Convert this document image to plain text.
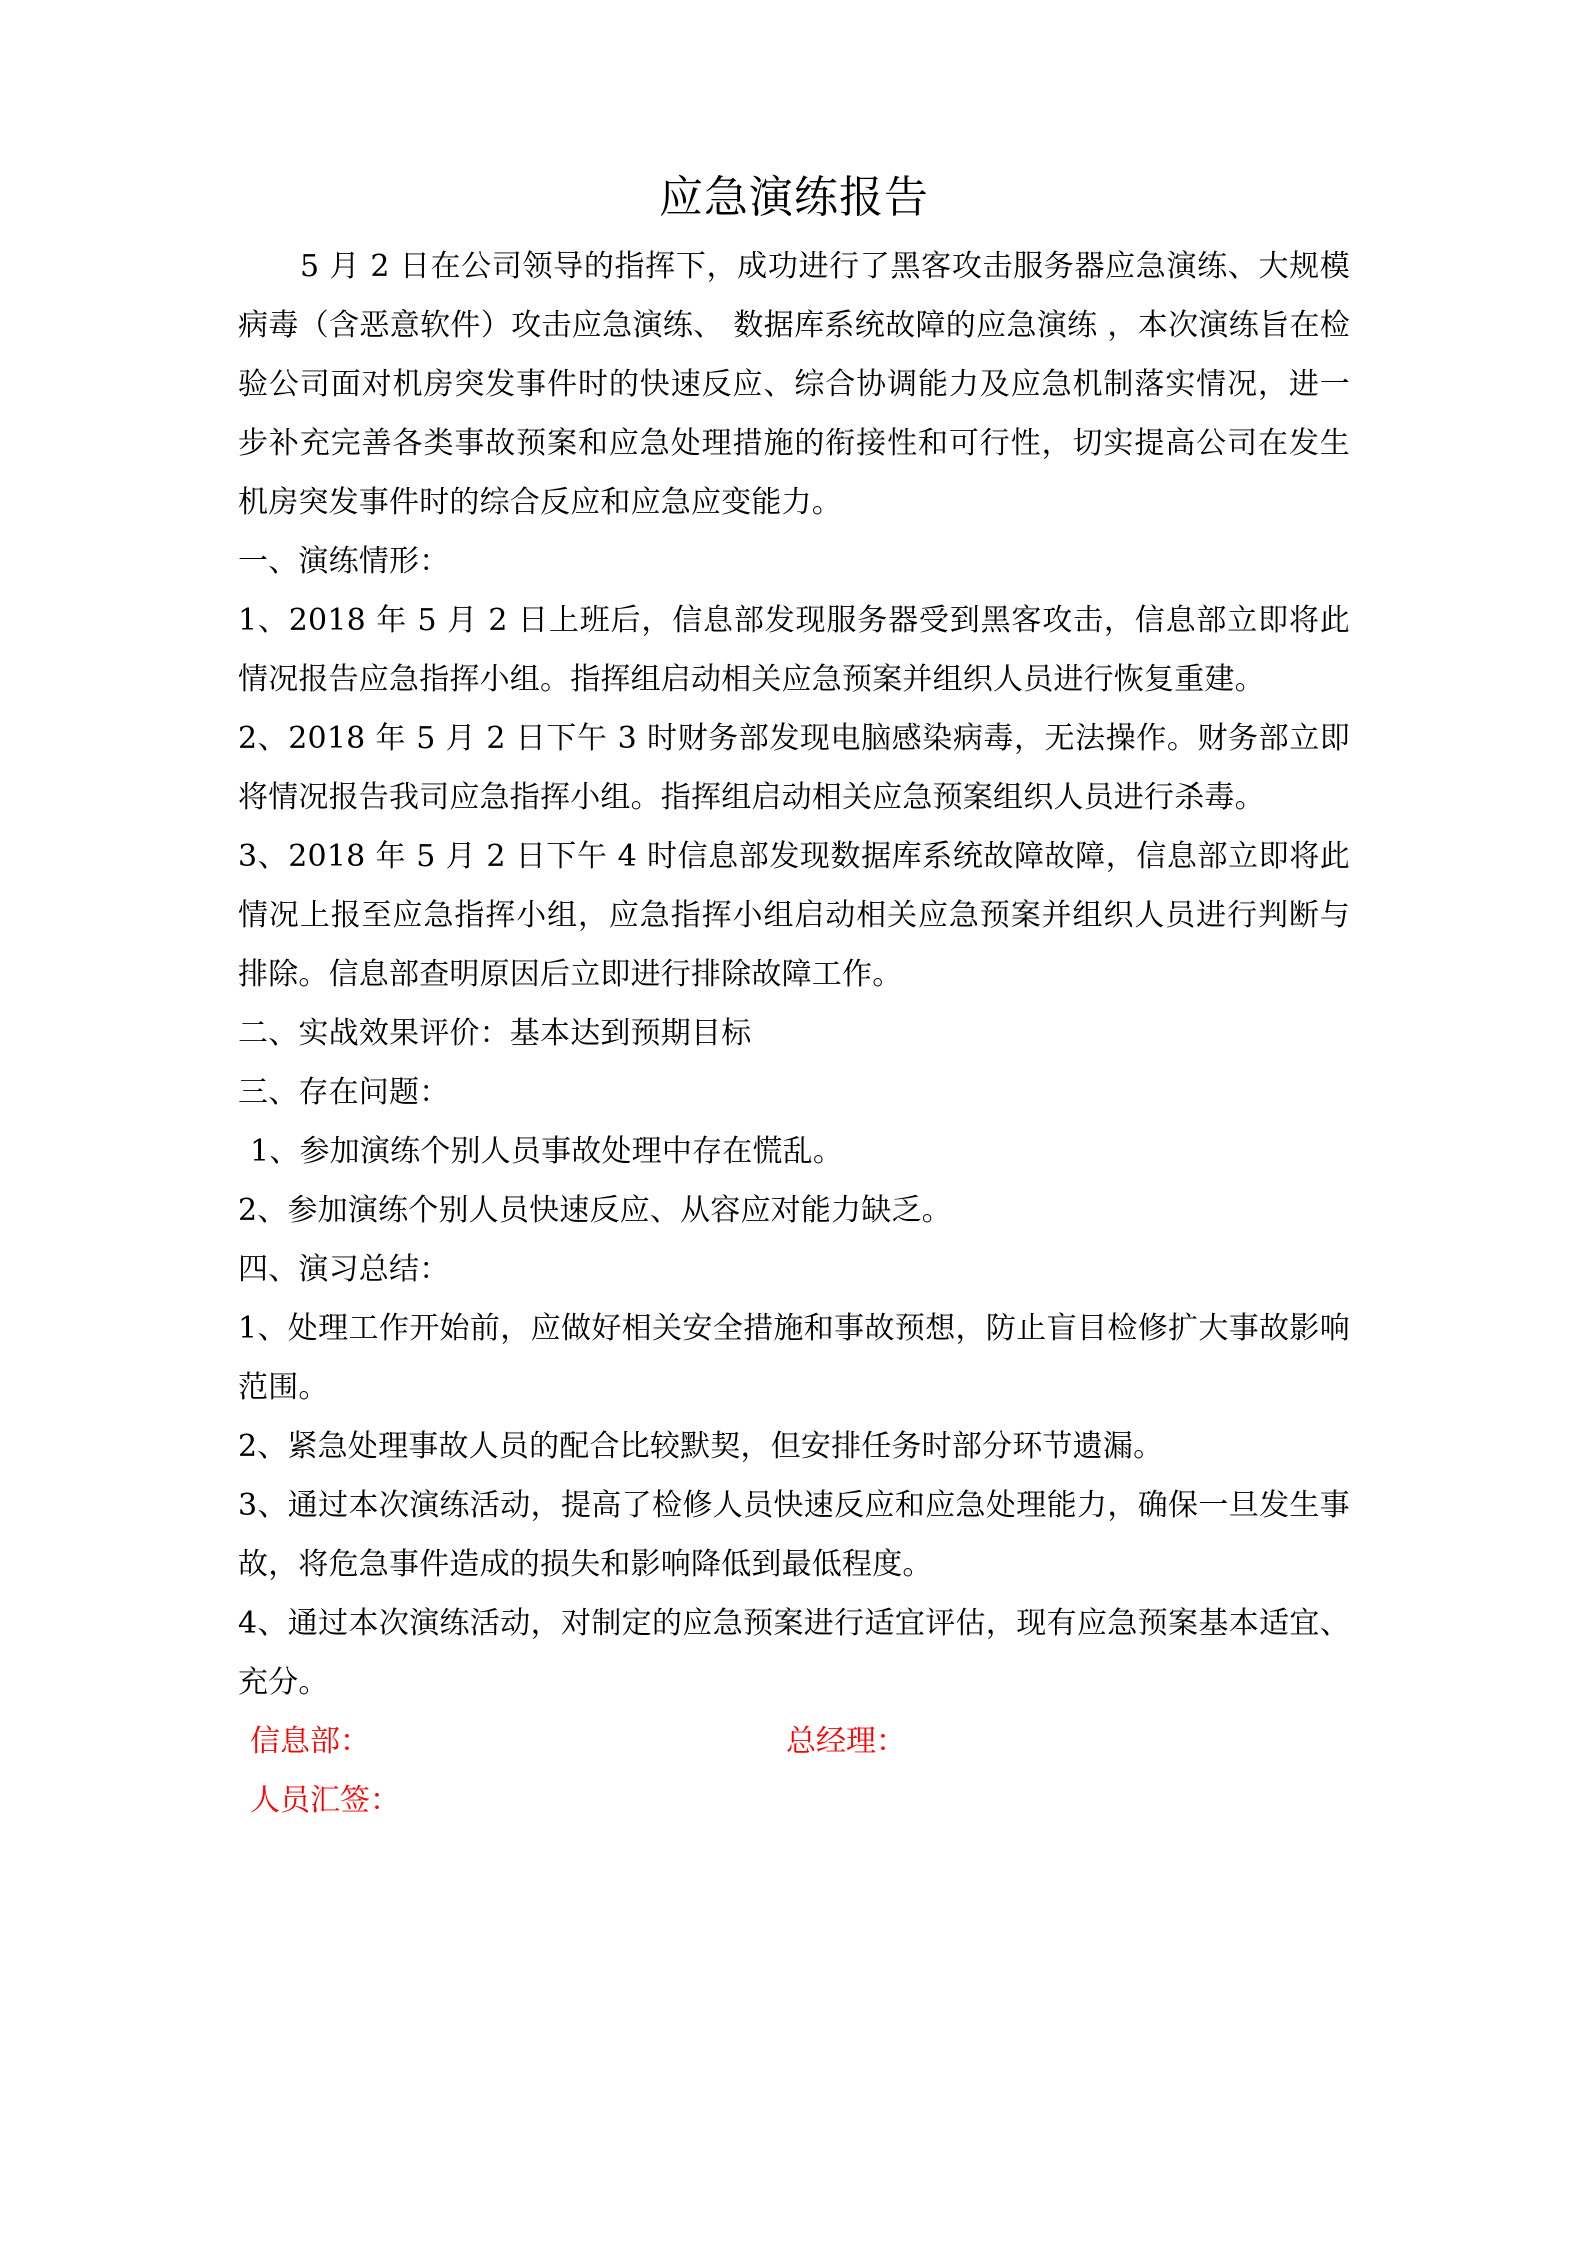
应急演练报告

5 月 2 日在公司领导的指挥下，成功进行了黑客攻击服务器应急演练、大规模病毒（含恶意软件）攻击应急演练、 数据库系统故障的应急演练 ，本次演练旨在检验公司面对机房突发事件时的快速反应、综合协调能力及应急机制落实情况，进一步补充完善各类事故预案和应急处理措施的衔接性和可行性，切实提高公司在发生机房突发事件时的综合反应和应急应变能力。

一、演练情形：

1、2018 年 5 月 2 日上班后，信息部发现服务器受到黑客攻击，信息部立即将此情况报告应急指挥小组。指挥组启动相关应急预案并组织人员进行恢复重建。

2、2018 年 5 月 2 日下午 3 时财务部发现电脑感染病毒，无法操作。财务部立即将情况报告我司应急指挥小组。指挥组启动相关应急预案组织人员进行杀毒。

3、2018 年 5 月 2 日下午 4 时信息部发现数据库系统故障故障，信息部立即将此情况上报至应急指挥小组，应急指挥小组启动相关应急预案并组织人员进行判断与排除。信息部查明原因后立即进行排除故障工作。

二、实战效果评价：基本达到预期目标

三、存在问题：

1、参加演练个别人员事故处理中存在慌乱。

2、参加演练个别人员快速反应、从容应对能力缺乏。

四、演习总结：

1、处理工作开始前，应做好相关安全措施和事故预想，防止盲目检修扩大事故影响范围。

2、紧急处理事故人员的配合比较默契，但安排任务时部分环节遗漏。

3、通过本次演练活动，提高了检修人员快速反应和应急处理能力，确保一旦发生事故，将危急事件造成的损失和影响降低到最低程度。

4、通过本次演练活动，对制定的应急预案进行适宜评估，现有应急预案基本适宜、充分。

信息部：	总经理：
人员汇签：
